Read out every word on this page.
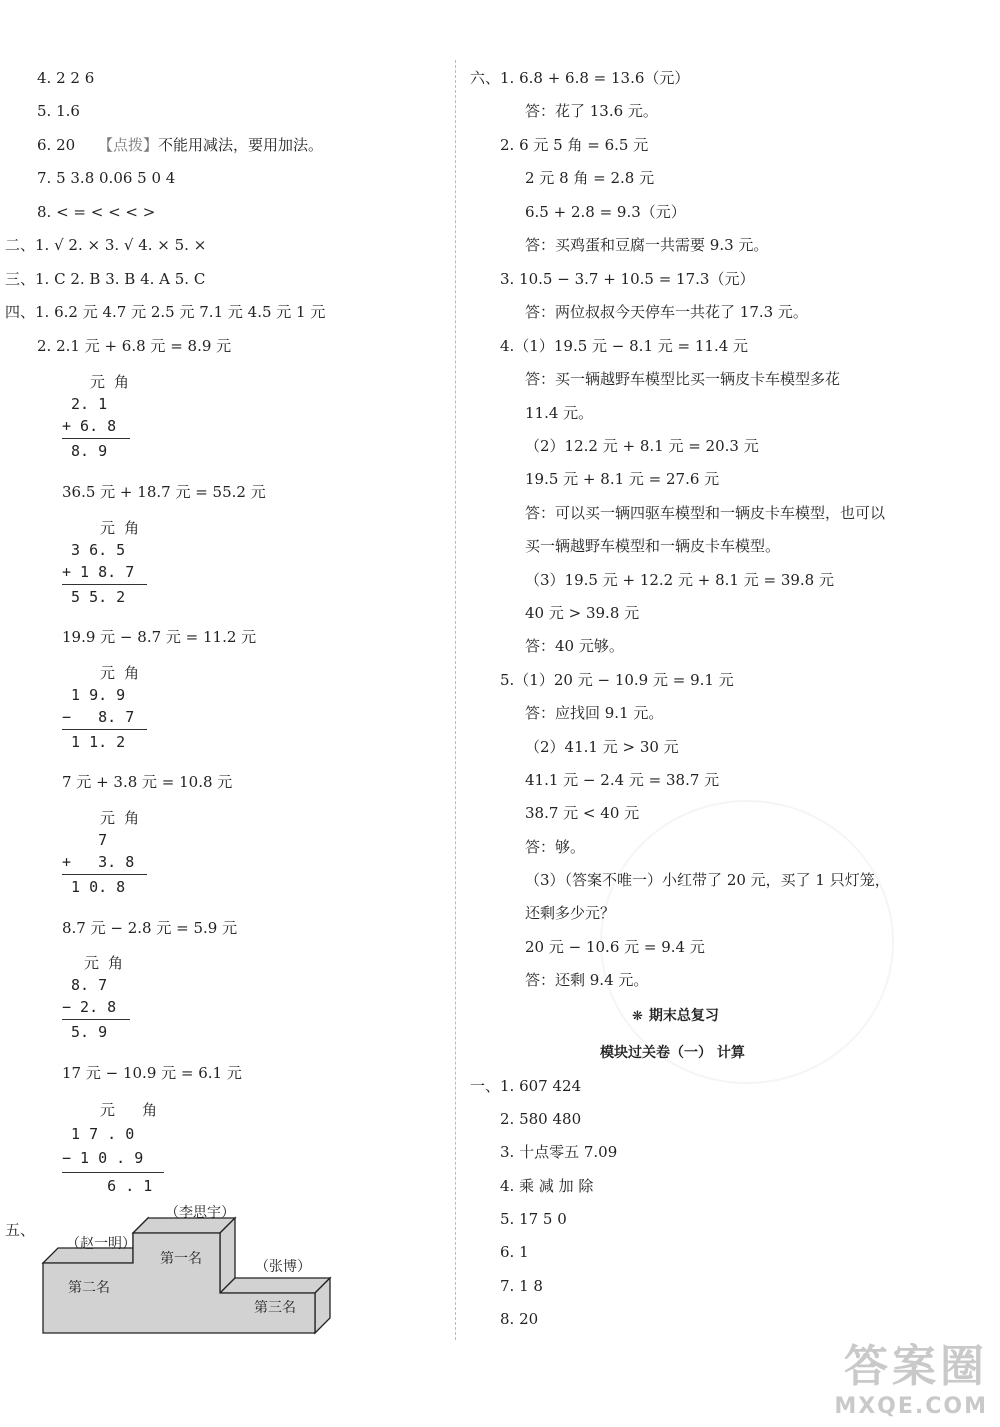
4. 2 2 6
5. 1.6
6. 20 【点拨】不能用减法，要用加法。
7. 5 3.8 0.06 5 0 4
8. < = < < < >
二、1. √ 2. × 3. √ 4. × 5. ×
三、1. C 2. B 3. B 4. A 5. C
四、1. 6.2 元 4.7 元 2.5 元 7.1 元 4.5 元 1 元
2. 2.1 元 + 6.8 元 = 8.9 元
元 角
2. 1
+ 6. 8
8. 9
36.5 元 + 18.7 元 = 55.2 元
元 角
3 6. 5
+ 1 8. 7
5 5. 2
19.9 元 − 8.7 元 = 11.2 元
元 角
1 9. 9
−   8. 7
1 1. 2
7 元 + 3.8 元 = 10.8 元
元 角
7
+   3. 8
1 0. 8
8.7 元 − 2.8 元 = 5.9 元
元 角
8. 7
− 2. 8
5. 9
17 元 − 10.9 元 = 6.1 元
元   角
1 7 . 0
− 1 0 . 9
6 . 1
五、
第一名
第二名
第三名
（李思宇）
（赵一明）
（张博）
六、1. 6.8 + 6.8 = 13.6（元）
答：花了 13.6 元。
2. 6 元 5 角 = 6.5 元
2 元 8 角 = 2.8 元
6.5 + 2.8 = 9.3（元）
答：买鸡蛋和豆腐一共需要 9.3 元。
3. 10.5 − 3.7 + 10.5 = 17.3（元）
答：两位叔叔今天停车一共花了 17.3 元。
4.（1）19.5 元 − 8.1 元 = 11.4 元
答：买一辆越野车模型比买一辆皮卡车模型多花
11.4 元。
（2）12.2 元 + 8.1 元 = 20.3 元
19.5 元 + 8.1 元 = 27.6 元
答：可以买一辆四驱车模型和一辆皮卡车模型，也可以
买一辆越野车模型和一辆皮卡车模型。
（3）19.5 元 + 12.2 元 + 8.1 元 = 39.8 元
40 元 > 39.8 元
答：40 元够。
5.（1）20 元 − 10.9 元 = 9.1 元
答：应找回 9.1 元。
（2）41.1 元 > 30 元
41.1 元 − 2.4 元 = 38.7 元
38.7 元 < 40 元
答：够。
（3）（答案不唯一）小红带了 20 元，买了 1 只灯笼，
还剩多少元？
20 元 − 10.6 元 = 9.4 元
答：还剩 9.4 元。
❋ 期末总复习
模块过关卷（一） 计算
一、1. 607 424
2. 580 480
3. 十点零五 7.09
4. 乘 减 加 除
5. 17 5 0
6. 1
7. 1 8
8. 20
答案圈
MXQE.COM
